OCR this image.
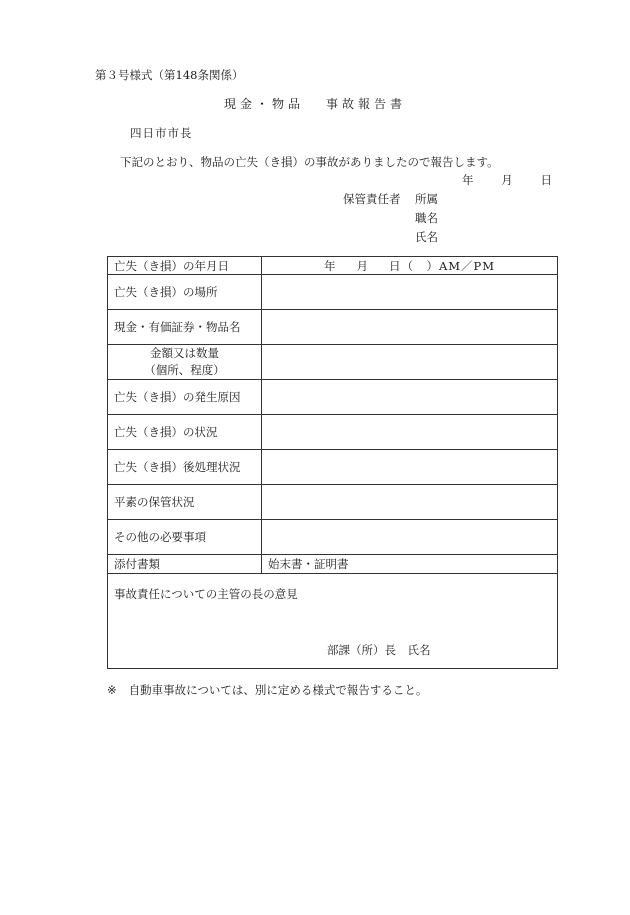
第３号様式（第148条関係）
現金・物品 事故報告書
四日市市長
下記のとおり、物品の亡失（き損）の事故がありましたので報告します。
年 月 日
保管責任者 所属
職名
氏名
亡失（き損）の年月日	年 月 日（　）AM／PM
亡失（き損）の場所	
現金・有価証券・物品名	

金額又は数量
（個所、程度）	

亡失（き損）の発生原因	
亡失（き損）の状況	
亡失（き損）後処理状況	
平素の保管状況	
その他の必要事項	
添付書類	始末書・証明書

事故責任についての主管の長の意見
部課（所）長　氏名	
※ 自動車事故については、別に定める様式で報告すること。
